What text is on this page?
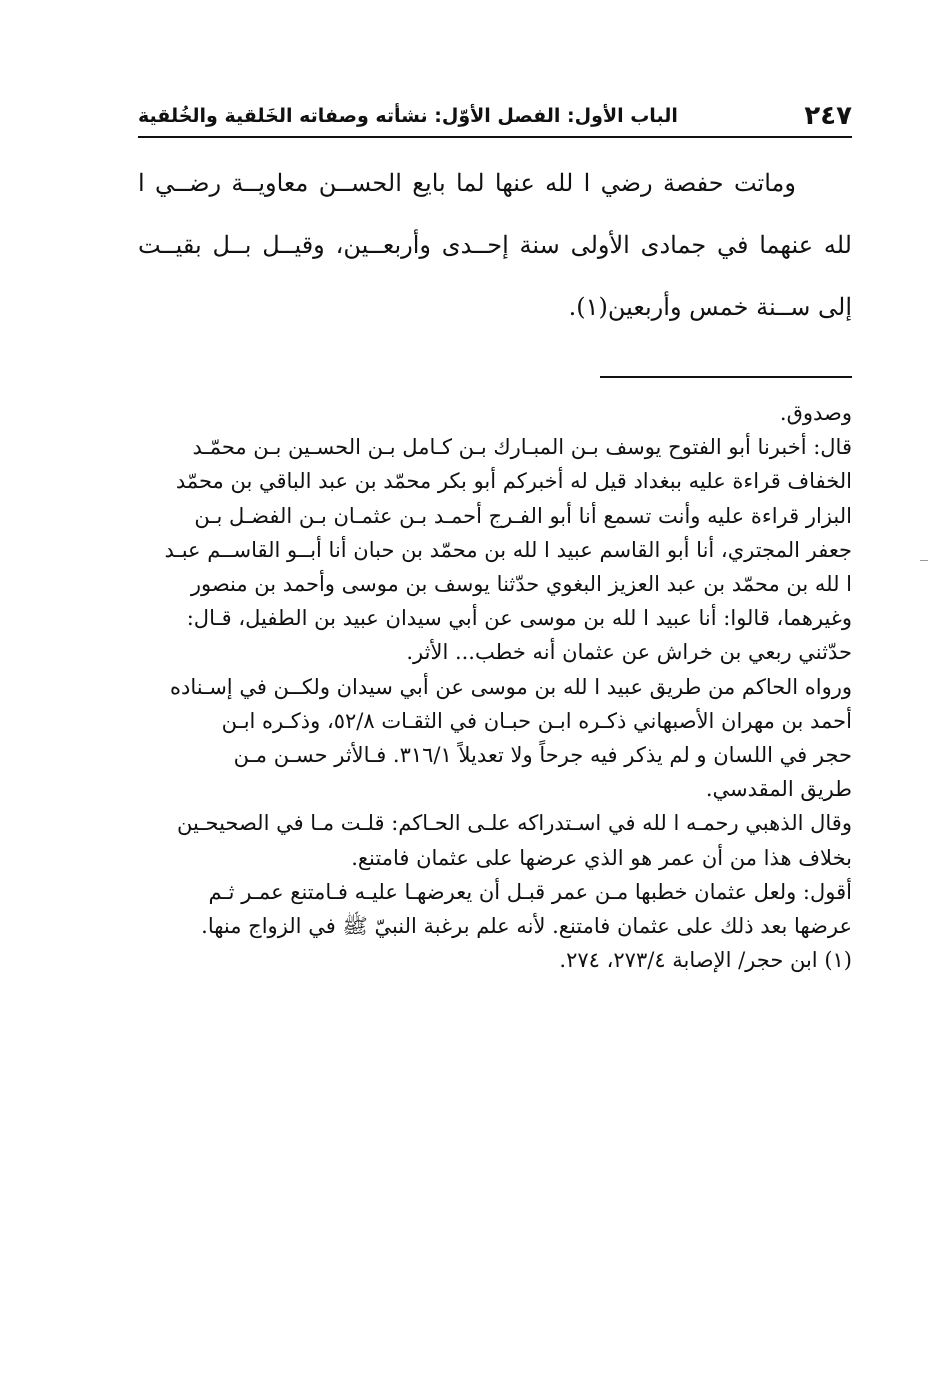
٢٤٧
الباب الأول: الفصل الأوّل: نشأته وصفاته الخَلقية والخُلقية

وماتت حفصة رضي ا لله عنها لما بايع الحســن معاويــة رضــي ا لله عنهما في جمادى الأولى سنة إحــدى وأربعــين، وقيــل بــل بقيــت إلى ســنة خمس وأربعين(١).

وصدوق.
قال: أخبرنا أبو الفتوح يوسف بـن المبـارك بـن كـامل بـن الحسـين بـن محمّـد
الخفاف قراءة عليه ببغداد قيل له أخبركم أبو بكر محمّد بن عبد الباقي بن محمّد
البزار قراءة عليه وأنت تسمع أنا أبو الفـرج أحمـد بـن عثمـان بـن الفضـل بـن
جعفر المجتري، أنا أبو القاسم عبيد ا لله بن محمّد بن حبان أنا أبــو القاســم عبـد
ا لله بن محمّد بن عبد العزيز البغوي حدّثنا يوسف بن موسى وأحمد بن منصور
وغيرهما، قالوا: أنا عبيد ا لله بن موسى عن أبي سيدان عبيد بن الطفيل، قـال:
حدّثني ربعي بن خراش عن عثمان أنه خطب... الأثر.
ورواه الحاكم من طريق عبيد ا لله بن موسى عن أبي سيدان ولكــن في إسـناده
أحمد بن مهران الأصبهاني ذكـره ابـن حبـان في الثقـات ٥٢/٨، وذكـره ابـن
حجر في اللسان و لم يذكر فيه جرحاً ولا تعديلاً ٣١٦/١. فـالأثر حسـن مـن
طريق المقدسي.
وقال الذهبي رحمـه ا لله في اسـتدراكه علـى الحـاكم: قلـت مـا في الصحيحـين
بخلاف هذا من أن عمر هو الذي عرضها على عثمان فامتنع.
أقول: ولعل عثمان خطبها مـن عمر قبـل أن يعرضهـا عليـه فـامتنع عمـر ثـم
عرضها بعد ذلك على عثمان فامتنع. لأنه علم برغبة النبيّ ﷺ في الزواج منها.
(١) ابن حجر/ الإصابة ٢٧٣/٤، ٢٧٤.
